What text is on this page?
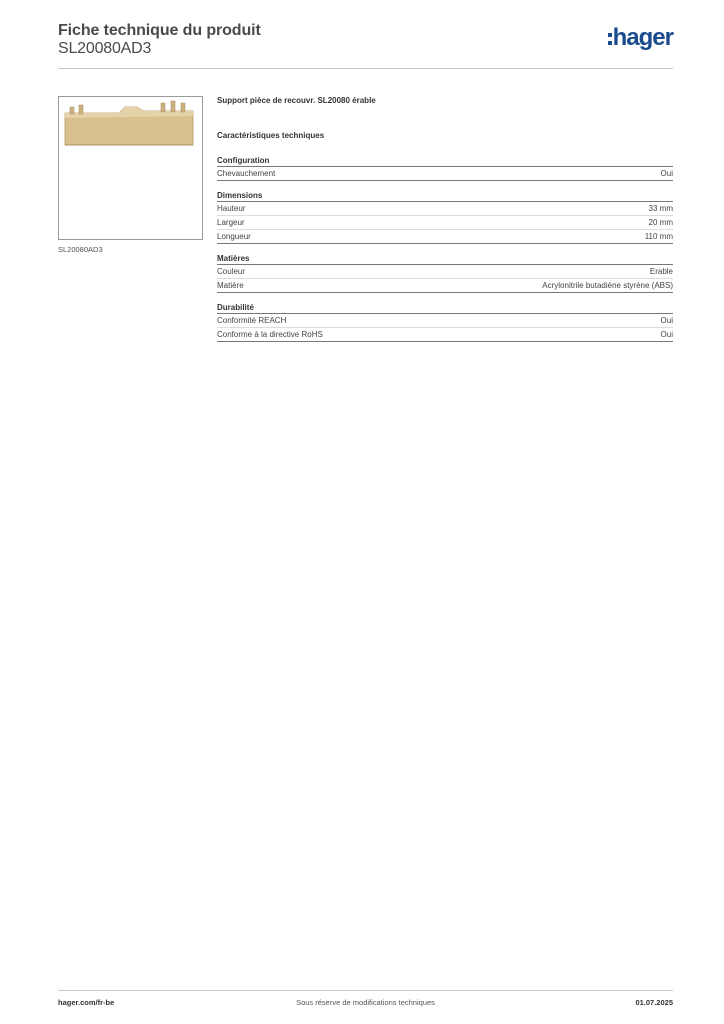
Fiche technique du produit
SL20080AD3	hager
SL20080AD3
Support pièce de recouvr. SL20080 érable
Caractéristiques techniques
Configuration
Chevauchement	Oui
Dimensions
Hauteur	33 mm
Largeur	20 mm
Longueur	110 mm
Matières
Couleur	Erable
Matière	Acrylonitrile butadiène styrène (ABS)
Durabilité
Conformité REACH	Oui
Conforme à la directive RoHS	Oui
hager.com/fr-be	Sous réserve de modifications techniques	01.07.2025
